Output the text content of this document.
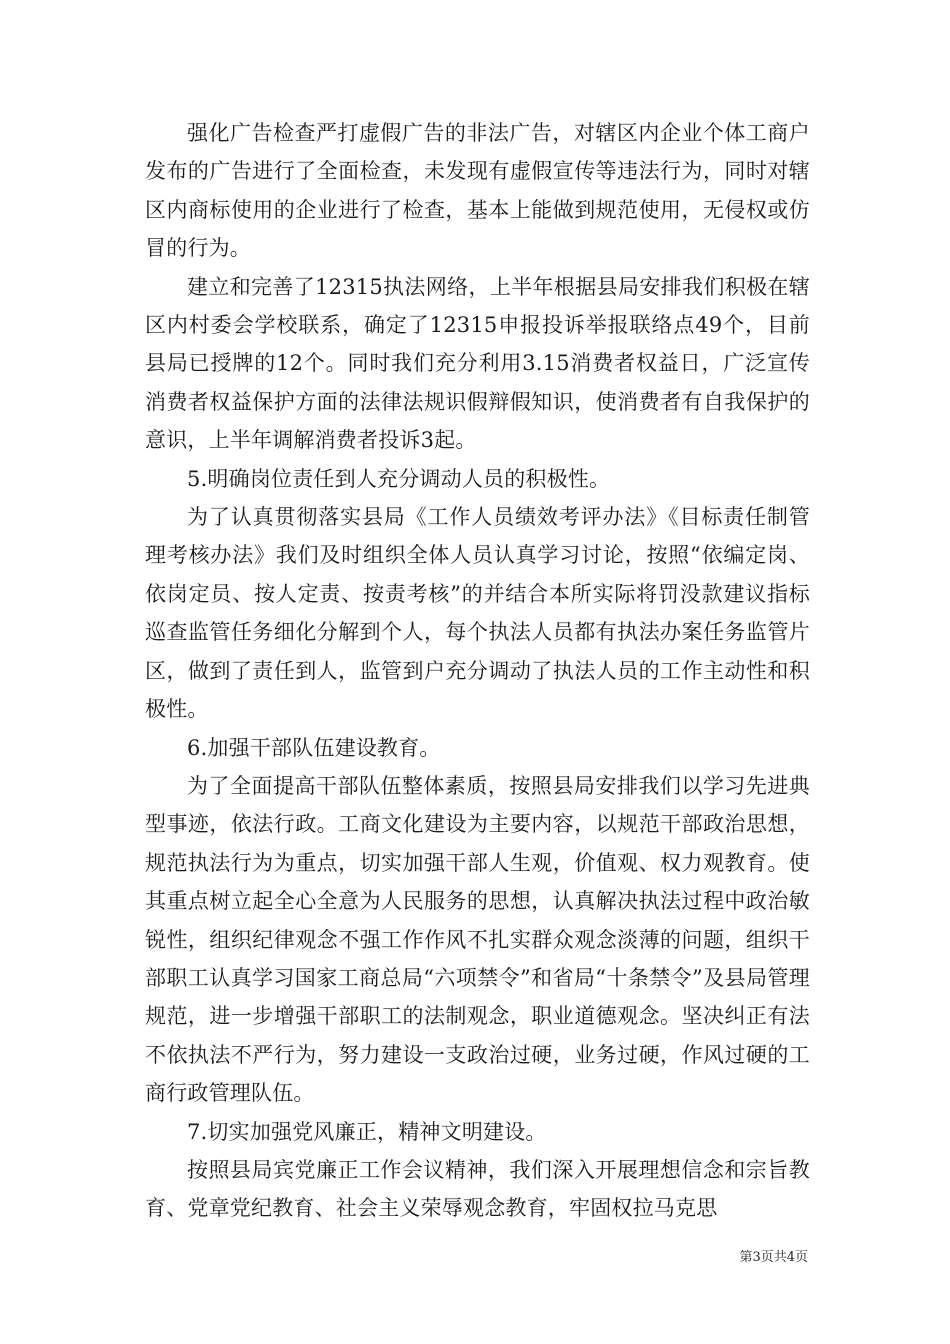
强化广告检查严打虚假广告的非法广告，对辖区内企业个体工商户发布的广告进行了全面检查，未发现有虚假宣传等违法行为，同时对辖区内商标使用的企业进行了检查，基本上能做到规范使用，无侵权或仿冒的行为。

建立和完善了12315执法网络，上半年根据县局安排我们积极在辖区内村委会学校联系，确定了12315申报投诉举报联络点49个，目前县局已授牌的12个。同时我们充分利用3.15消费者权益日，广泛宣传消费者权益保护方面的法律法规识假辩假知识，使消费者有自我保护的意识，上半年调解消费者投诉3起。

5.明确岗位责任到人充分调动人员的积极性。

为了认真贯彻落实县局《工作人员绩效考评办法》《目标责任制管理考核办法》我们及时组织全体人员认真学习讨论，按照“依编定岗、依岗定员、按人定责、按责考核”的并结合本所实际将罚没款建议指标巡查监管任务细化分解到个人，每个执法人员都有执法办案任务监管片区，做到了责任到人，监管到户充分调动了执法人员的工作主动性和积极性。

6.加强干部队伍建设教育。

为了全面提高干部队伍整体素质，按照县局安排我们以学习先进典型事迹，依法行政。工商文化建设为主要内容，以规范干部政治思想，规范执法行为为重点，切实加强干部人生观，价值观、权力观教育。使其重点树立起全心全意为人民服务的思想，认真解决执法过程中政治敏锐性，组织纪律观念不强工作作风不扎实群众观念淡薄的问题，组织干部职工认真学习国家工商总局“六项禁令”和省局“十条禁令”及县局管理规范，进一步增强干部职工的法制观念，职业道德观念。坚决纠正有法不依执法不严行为，努力建设一支政治过硬，业务过硬，作风过硬的工商行政管理队伍。

7.切实加强党风廉正，精神文明建设。

按照县局宾党廉正工作会议精神，我们深入开展理想信念和宗旨教育、党章党纪教育、社会主义荣辱观念教育，牢固权拉马克思

第3页共4页
